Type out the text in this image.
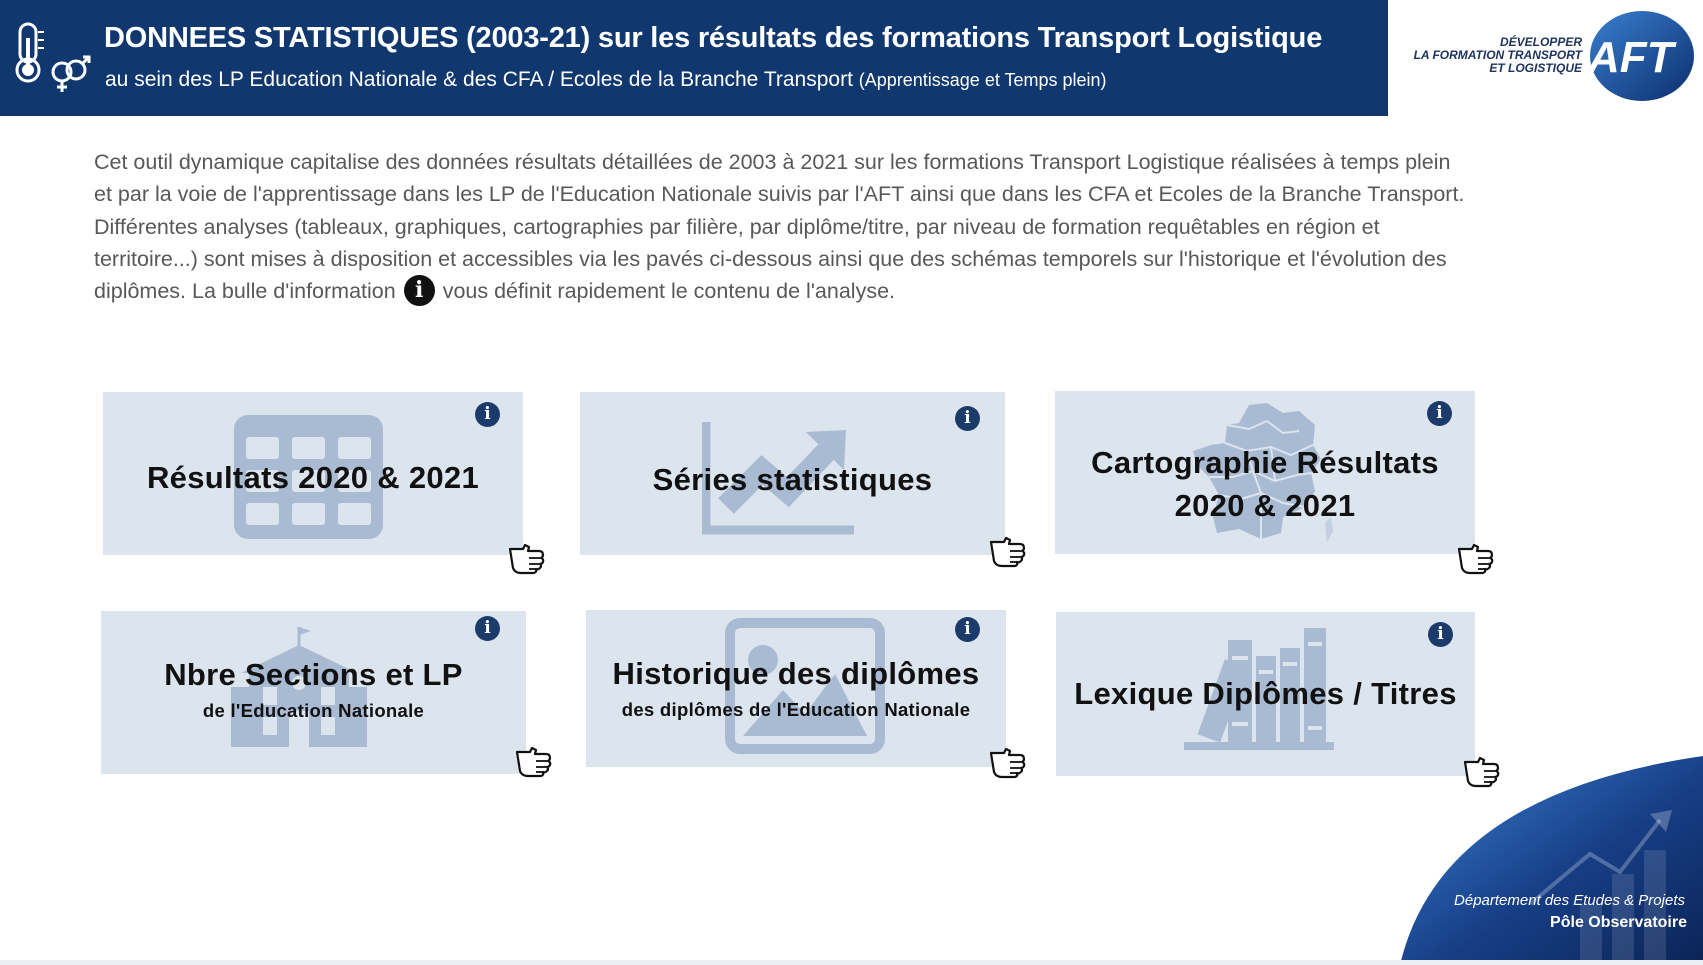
DONNEES STATISTIQUES (2003-21) sur les résultats des formations Transport Logistique
au sein des LP Education Nationale & des CFA / Ecoles de la Branche Transport (Apprentissage et Temps plein)
DÉVELOPPER
LA FORMATION TRANSPORT
ET LOGISTIQUE AFT

Cet outil dynamique capitalise des données résultats détaillées de 2003 à 2021 sur les formations Transport Logistique réalisées à temps plein et par la voie de l'apprentissage dans les LP de l'Education Nationale suivis par l'AFT ainsi que dans les CFA et Ecoles de la Branche Transport.

Différentes analyses (tableaux, graphiques, cartographies par filière, par diplôme/titre, par niveau de formation requêtables en région et territoire...) sont mises à disposition et accessibles via les pavés ci-dessous ainsi que des schémas temporels sur l'historique et l'évolution des diplômes. La bulle d'information i vous définit rapidement le contenu de l'analyse.

Résultats 2020 & 2021
i
Séries statistiques
i
Cartographie Résultats
2020 & 2021
i
Nbre Sections et LP
de l'Education Nationale
i
Historique des diplômes
des diplômes de l'Education Nationale
i
Lexique Diplômes / Titres
i
Département des Etudes & Projets
Pôle Observatoire
